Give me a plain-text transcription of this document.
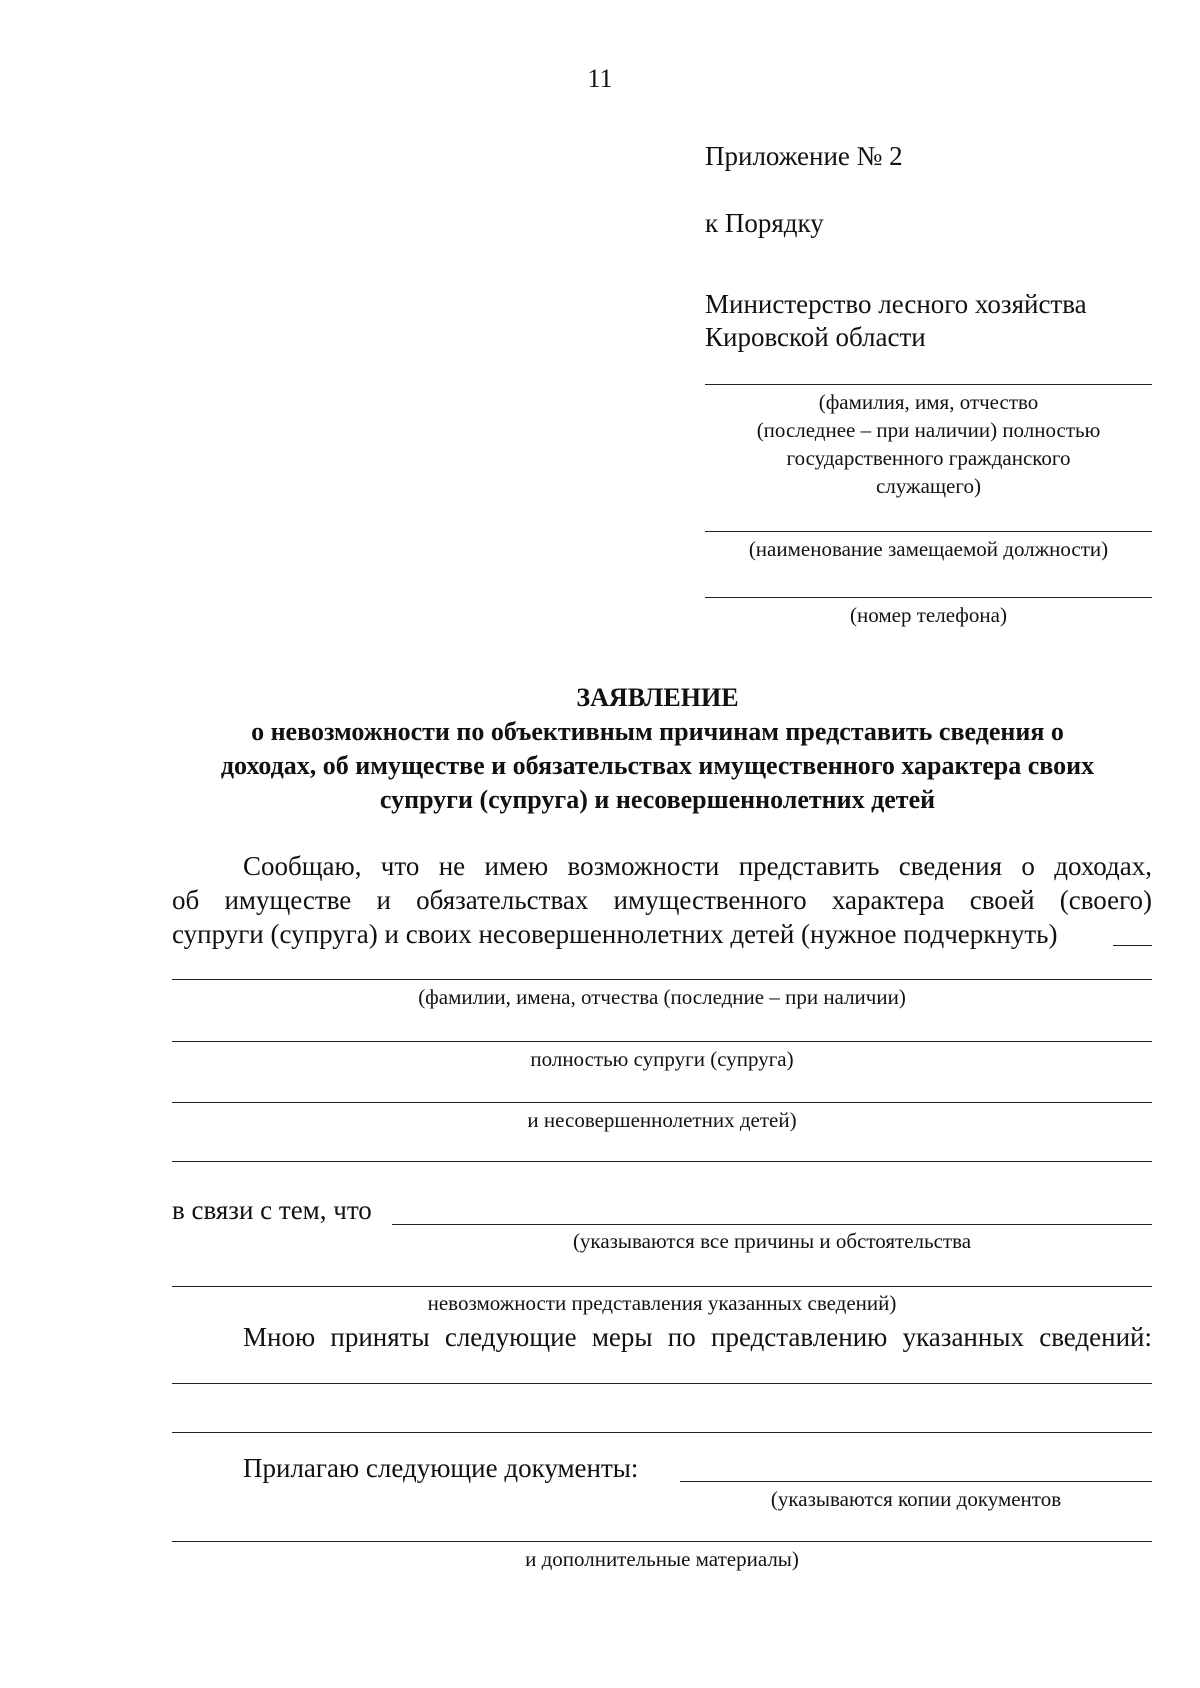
11
Приложение № 2
к Порядку
Министерство лесного хозяйства
Кировской области
(фамилия, имя, отчество
(последнее – при наличии) полностью
государственного гражданского
служащего)
(наименование замещаемой должности)
(номер телефона)
ЗАЯВЛЕНИЕ
о невозможности по объективным причинам представить сведения о
доходах, об имуществе и обязательствах имущественного характера своих
супруги (супруга) и несовершеннолетних детей
Сообщаю, что не имею возможности представить сведения о доходах,
об имуществе и обязательствах имущественного характера своей (своего)
супруги (супруга) и своих несовершеннолетних детей (нужное подчеркнуть)
(фамилии, имена, отчества (последние – при наличии)
полностью супруги (супруга)
и несовершеннолетних детей)
в связи с тем, что
(указываются все причины и обстоятельства
невозможности представления указанных сведений)
Мною приняты следующие меры по представлению указанных сведений:
Прилагаю следующие документы:
(указываются копии документов
и дополнительные материалы)
